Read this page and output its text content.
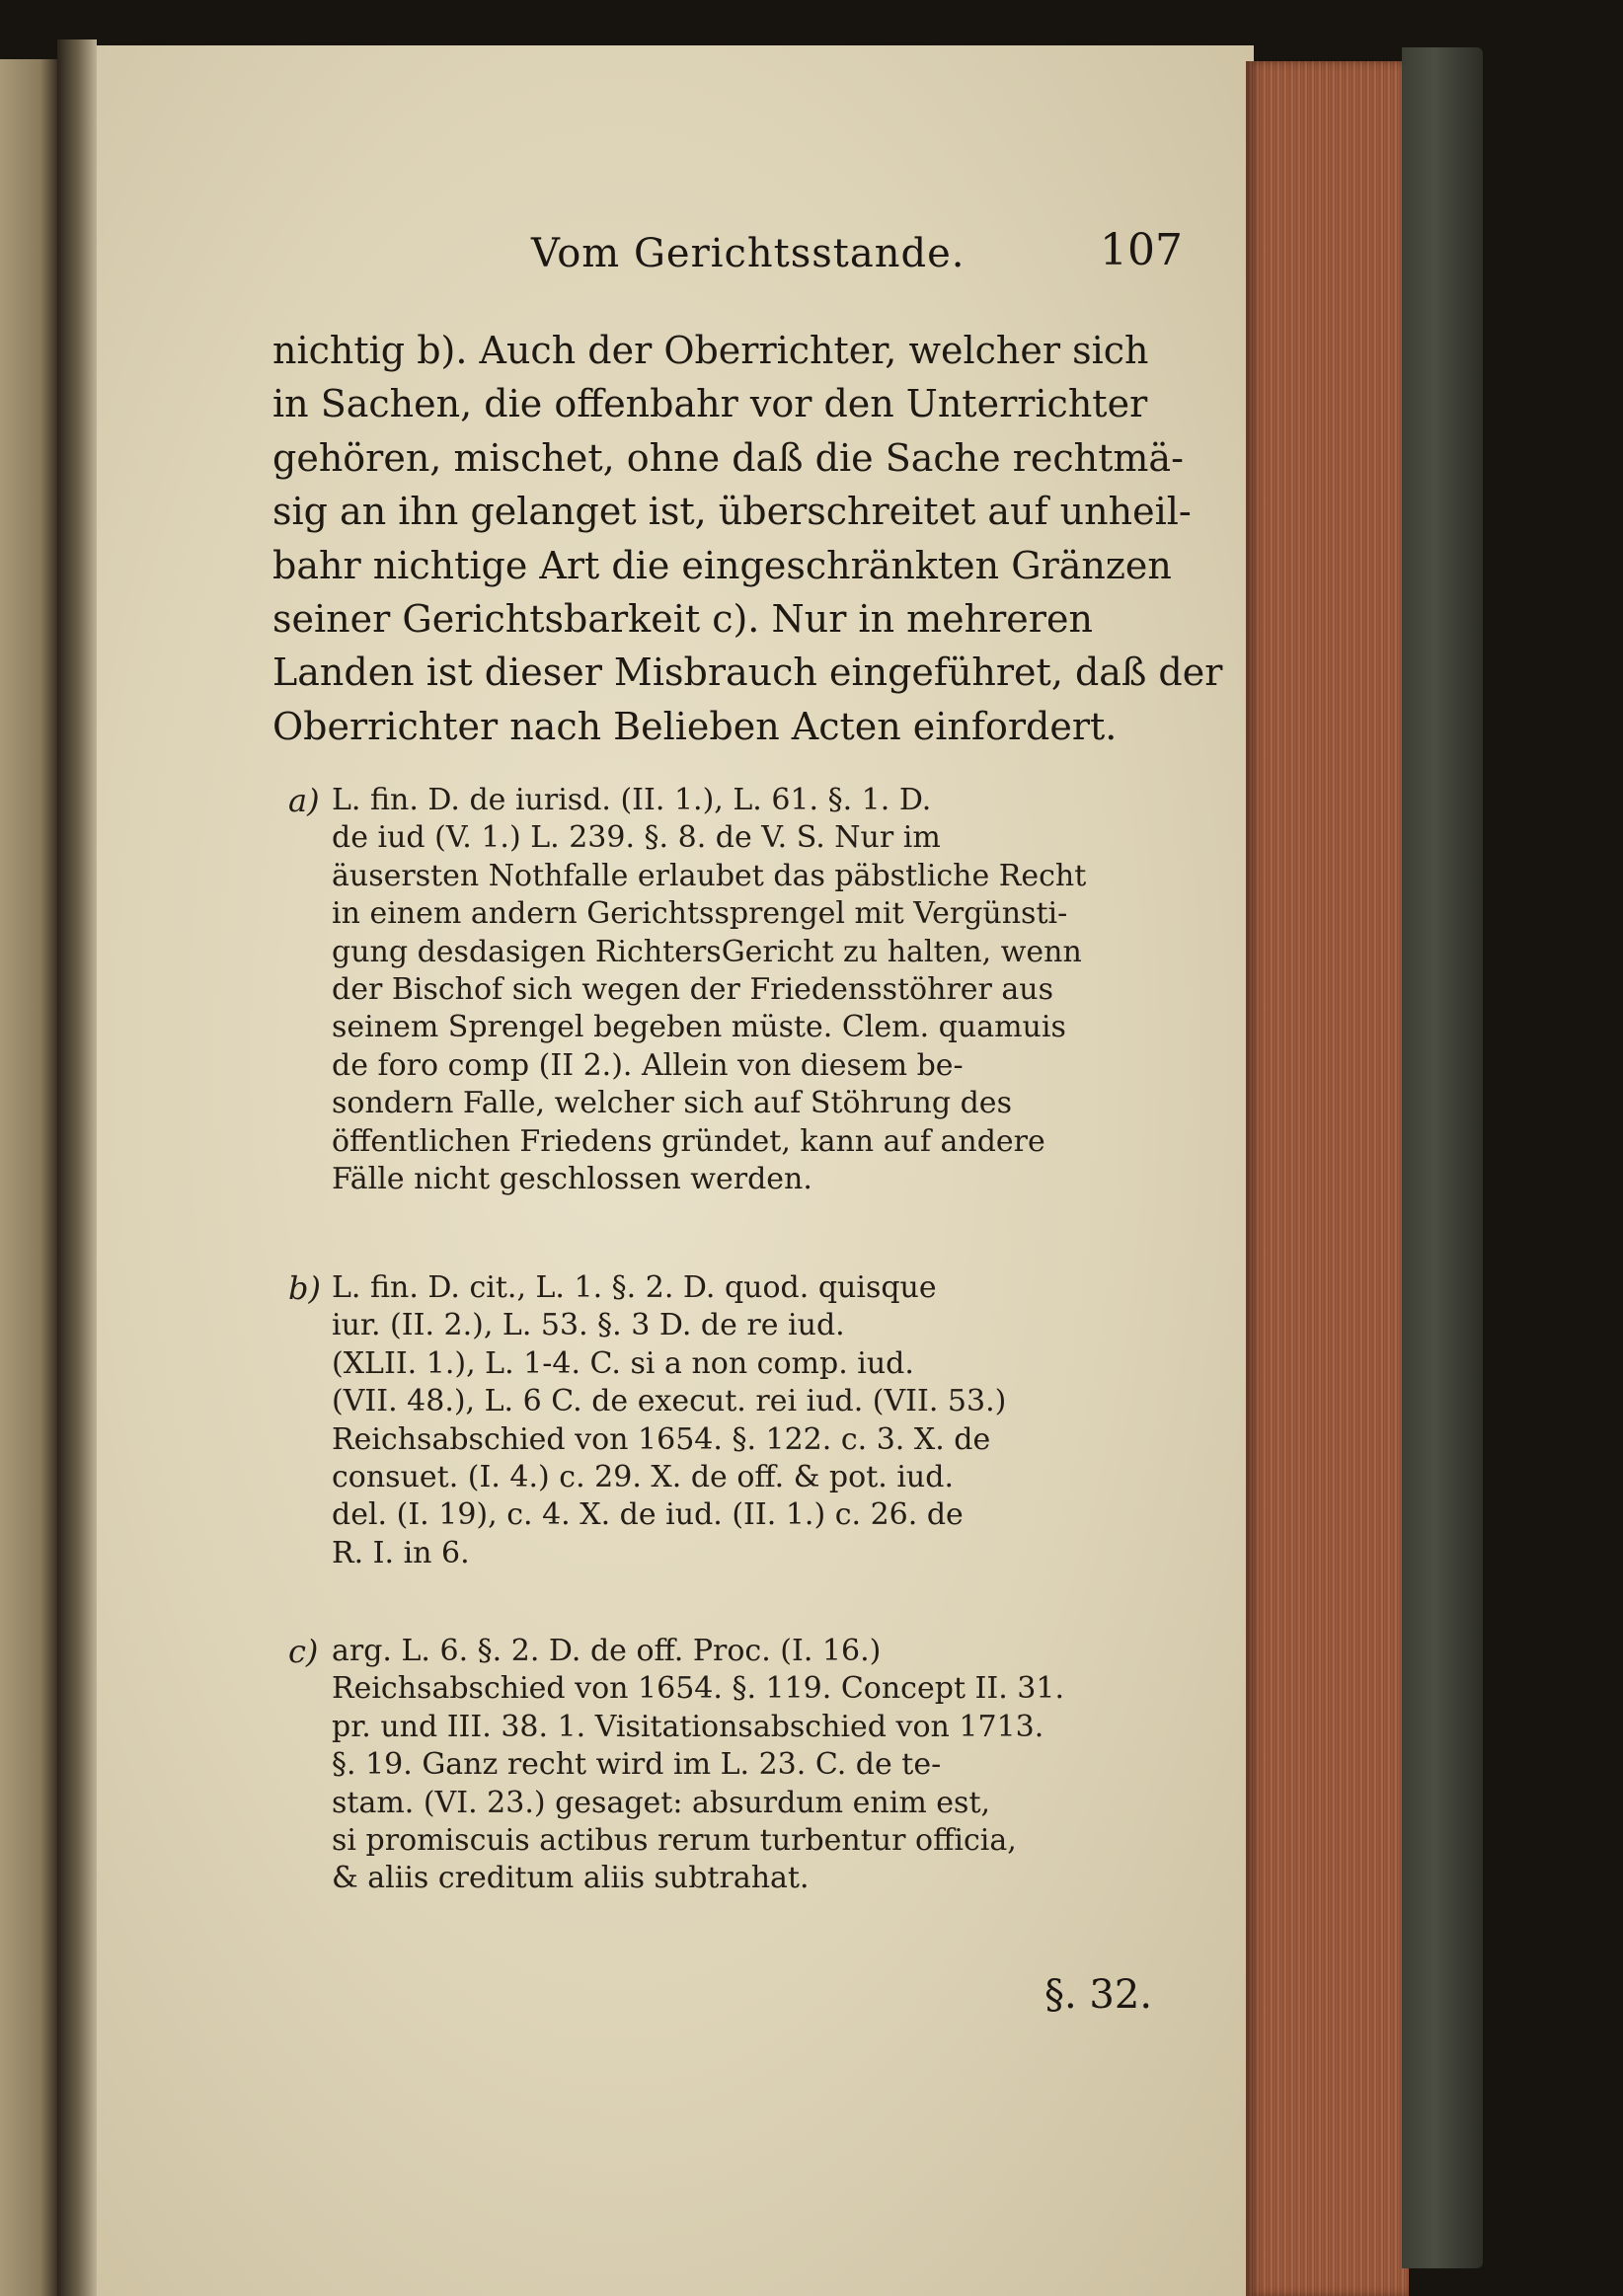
Vom Gerichtsstande.	107
nichtig b). Auch der Oberrichter, welcher sich
in Sachen, die offenbahr vor den Unterrichter
gehören, mischet, ohne daß die Sache rechtmä-
sig an ihn gelanget ist, überschreitet auf unheil-
bahr nichtige Art die eingeschränkten Gränzen
seiner Gerichtsbarkeit c). Nur in mehreren
Landen ist dieser Misbrauch eingeführet, daß der
Oberrichter nach Belieben Acten einfordert.
a) L. fin. D. de iurisd. (II. 1.), L. 61. §. 1. D.
de iud (V. 1.) L. 239. §. 8. de V. S. Nur im
äusersten Nothfalle erlaubet das päbstliche Recht
in einem andern Gerichtssprengel mit Vergünsti-
gung desdasigen RichtersGericht zu halten, wenn
der Bischof sich wegen der Friedensstöhrer aus
seinem Sprengel begeben müste. Clem. quamuis
de foro comp (II 2.). Allein von diesem be-
sondern Falle, welcher sich auf Stöhrung des
öffentlichen Friedens gründet, kann auf andere
Fälle nicht geschlossen werden.
b) L. fin. D. cit., L. 1. §. 2. D. quod. quisque
iur. (II. 2.), L. 53. §. 3 D. de re iud.
(XLII. 1.), L. 1-4. C. si a non comp. iud.
(VII. 48.), L. 6 C. de execut. rei iud. (VII. 53.)
Reichsabschied von 1654. §. 122. c. 3. X. de
consuet. (I. 4.) c. 29. X. de off. & pot. iud.
del. (I. 19), c. 4. X. de iud. (II. 1.) c. 26. de
R. I. in 6.
c) arg. L. 6. §. 2. D. de off. Proc. (I. 16.)
Reichsabschied von 1654. §. 119. Concept II. 31.
pr. und III. 38. 1. Visitationsabschied von 1713.
§. 19. Ganz recht wird im L. 23. C. de te-
stam. (VI. 23.) gesaget: absurdum enim est,
si promiscuis actibus rerum turbentur officia,
& aliis creditum aliis subtrahat.
§. 32.
